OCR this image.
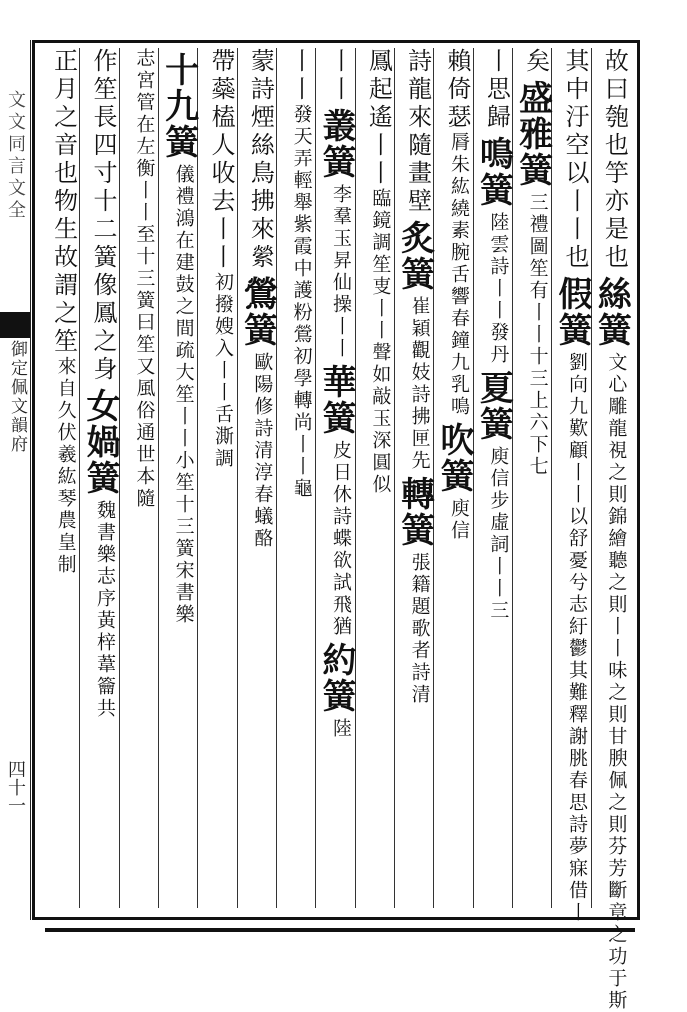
文文同言文全
御定佩文韻府
四十一
故曰匏也竽亦是也
絲簧
文心雕龍視之則錦繪聽之則丨丨味之則甘腴佩之則芬芳斷章之功于斯
其中汙空以丨丨也
假簧
劉向九歎顧丨丨以舒憂兮志紆鬱其難釋謝朓春思詩夢寐借丨
矣
盛雅簧
三禮圖笙有丨丨十三上六下七
丨思歸
鳴簧
陸雲詩丨丨發丹
夏簧
庾信步虛詞丨丨三
賴倚瑟
脣朱紘繞素腕
舌響春鐘九乳鳴
吹簧
庾信
詩龍來隨畫壁
炙簧
崔穎觀妓詩拂匣先
轉簧
張籍題歌者詩清
鳳起遙丨丨
臨鏡調笙叓丨丨
聲如敲玉深圓似
丨丨
叢簧
李羣玉昇仙操丨丨
華簧
皮日休詩蝶欲試飛猶
約簧
陸
丨丨
發天弄輕舉紫霞中
護粉鶯初學轉尚丨丨
龜
蒙詩煙絲鳥拂來縈
鶯簧
歐陽修詩清淳春蟻酪
帶蘂榼人收去丨丨
初撥嫂入丨丨舌澌調
十九簧
儀禮鴻在建鼓之間疏大笙丨丨小笙十三簧宋書樂
志宮管在左衡丨丨至十三簧曰笙又風俗通世本隨
作笙長四寸十二簧像鳳之身
女媧簧
魏書樂志序黃梓葦籥共
正月之音也物生故謂之笙
來自久伏羲紘琴農皇制
